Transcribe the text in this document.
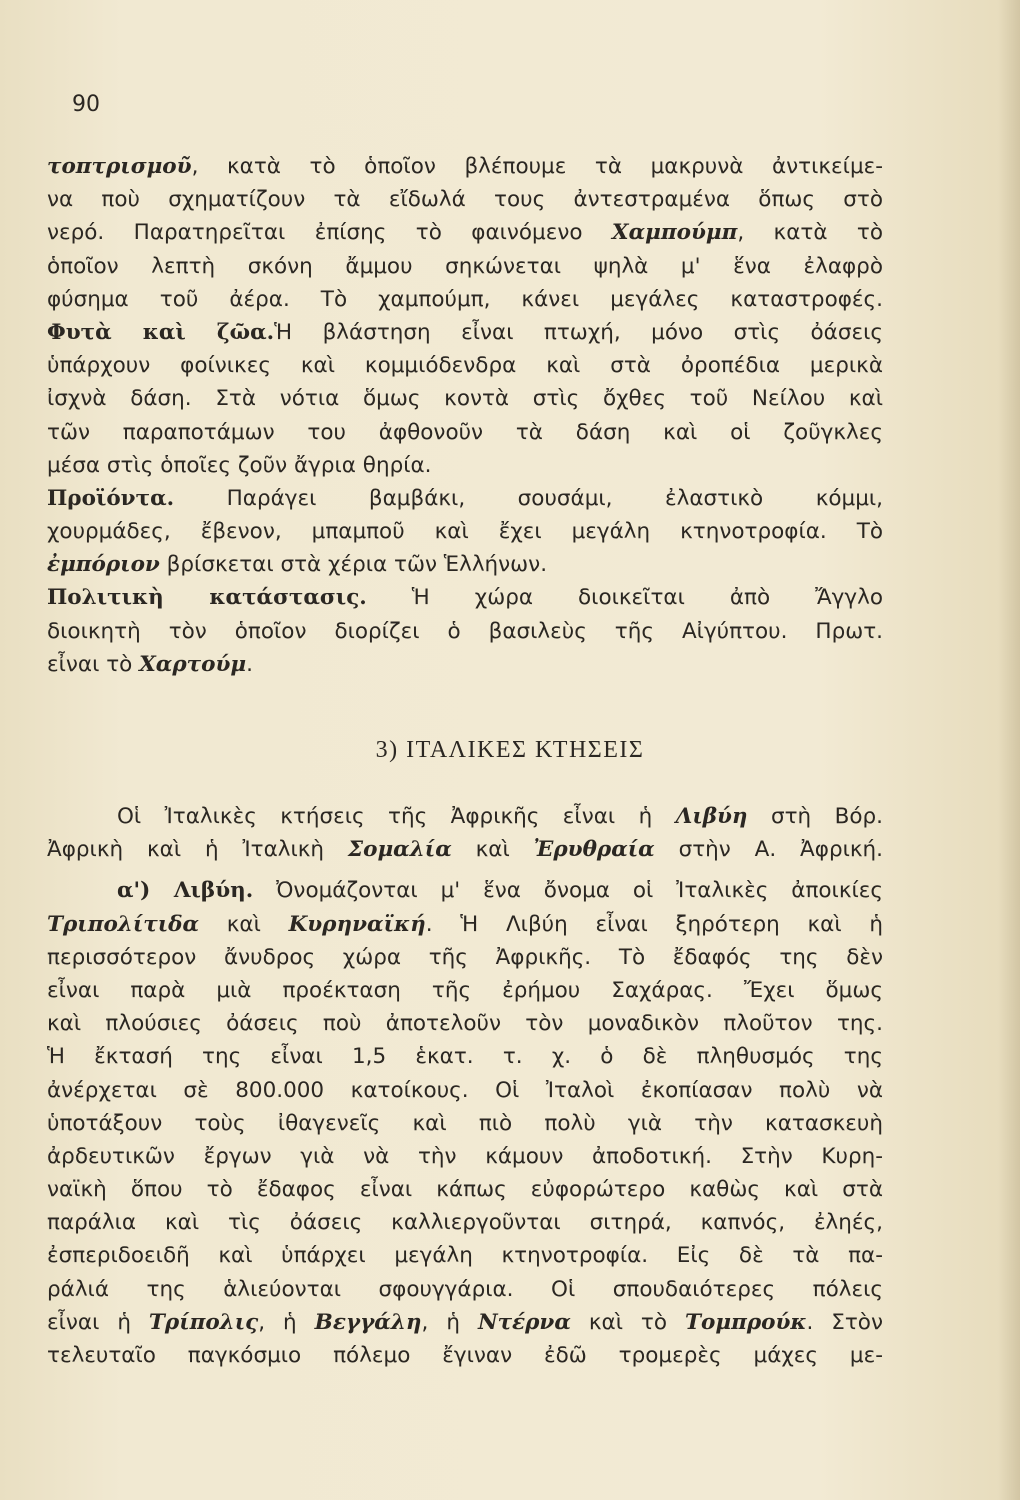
90
τοπτρισμοῦ, κατὰ τὸ ὁποῖον βλέπουμε τὰ μακρυνὰ ἀντικείμε-
να ποὺ σχηματίζουν τὰ εἴδωλά τους ἀντεστραμένα ὅπως στὸ
νερό. Παρατηρεῖται ἐπίσης τὸ φαινόμενο Χαμπούμπ, κατὰ τὸ
ὁποῖον λεπτὴ σκόνη ἄμμου σηκώνεται ψηλὰ μ' ἕνα ἐλαφρὸ
φύσημα τοῦ ἀέρα. Τὸ χαμπούμπ, κάνει μεγάλες καταστροφές.
Φυτὰ καὶ ζῶα.Ἡ βλάστηση εἶναι πτωχή, μόνο στὶς ὀάσεις
ὑπάρχουν φοίνικες καὶ κομμιόδενδρα καὶ στὰ ὀροπέδια μερικὰ
ἰσχνὰ δάση. Στὰ νότια ὅμως κοντὰ στὶς ὄχθες τοῦ Νείλου καὶ
τῶν παραποτάμων του ἀφθονοῦν τὰ δάση καὶ οἱ ζοῦγκλες
μέσα στὶς ὁποῖες ζοῦν ἄγρια θηρία.
Προϊόντα. Παράγει βαμβάκι, σουσάμι, ἐλαστικὸ κόμμι,
χουρμάδες, ἔβενον, μπαμποῦ καὶ ἔχει μεγάλη κτηνοτροφία. Τὸ
ἐμπόριον βρίσκεται στὰ χέρια τῶν Ἑλλήνων.
Πολιτικὴ κατάστασις. Ἡ χώρα διοικεῖται ἀπὸ Ἄγγλο
διοικητὴ τὸν ὁποῖον διορίζει ὁ βασιλεὺς τῆς Αἰγύπτου. Πρωτ.
εἶναι τὸ Χαρτούμ.
3) ΙΤΑΛΙΚΕΣ ΚΤΗΣΕΙΣ
Οἱ Ἰταλικὲς κτήσεις τῆς Ἀφρικῆς εἶναι ἡ Λιβύη στὴ Βόρ.
Ἀφρικὴ καὶ ἡ Ἰταλικὴ Σομαλία καὶ Ἐρυθραία στὴν Α. Ἀφρική.
α') Λιβύη. Ὀνομάζονται μ' ἕνα ὄνομα οἱ Ἰταλικὲς ἀποικίες
Τριπολίτιδα καὶ Κυρηναϊκή. Ἡ Λιβύη εἶναι ξηρότερη καὶ ἡ
περισσότερον ἄνυδρος χώρα τῆς Ἀφρικῆς. Τὸ ἔδαφός της δὲν
εἶναι παρὰ μιὰ προέκταση τῆς ἐρήμου Σαχάρας. Ἔχει ὅμως
καὶ πλούσιες ὀάσεις ποὺ ἀποτελοῦν τὸν μοναδικὸν πλοῦτον της.
Ἡ ἔκτασή της εἶναι 1,5 ἑκατ. τ. χ. ὁ δὲ πληθυσμός της
ἀνέρχεται σὲ 800.000 κατοίκους. Οἱ Ἰταλοὶ ἐκοπίασαν πολὺ νὰ
ὑποτάξουν τοὺς ἰθαγενεῖς καὶ πιὸ πολὺ γιὰ τὴν κατασκευὴ
ἀρδευτικῶν ἔργων γιὰ νὰ τὴν κάμουν ἀποδοτική. Στὴν Κυρη-
ναϊκὴ ὅπου τὸ ἔδαφος εἶναι κάπως εὐφορώτερο καθὼς καὶ στὰ
παράλια καὶ τὶς ὀάσεις καλλιεργοῦνται σιτηρά, καπνός, ἐληές,
ἐσπεριδοειδῆ καὶ ὑπάρχει μεγάλη κτηνοτροφία. Εἰς δὲ τὰ πα-
ράλιά της ἁλιεύονται σφουγγάρια. Οἱ σπουδαιότερες πόλεις
εἶναι ἡ Τρίπολις, ἡ Βεγγάλη, ἡ Ντέρνα καὶ τὸ Τομπρούκ. Στὸν
τελευταῖο παγκόσμιο πόλεμο ἔγιναν ἐδῶ τρομερὲς μάχες με-
